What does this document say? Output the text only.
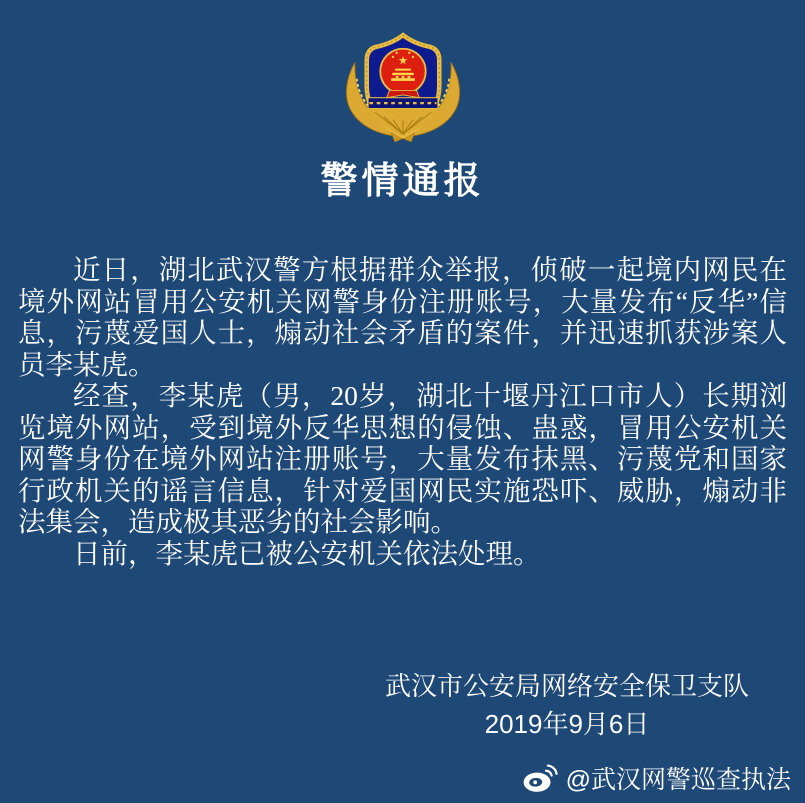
警情通报

近日，湖北武汉警方根据群众举报，侦破一起境内网民在境外网站冒用公安机关网警身份注册账号，大量发布“反华”信息，污蔑爱国人士，煽动社会矛盾的案件，并迅速抓获涉案人员李某虎。

经查，李某虎（男，20岁，湖北十堰丹江口市人）长期浏览境外网站，受到境外反华思想的侵蚀、蛊惑，冒用公安机关网警身份在境外网站注册账号，大量发布抹黑、污蔑党和国家行政机关的谣言信息，针对爱国网民实施恐吓、威胁，煽动非法集会，造成极其恶劣的社会影响。

日前，李某虎已被公安机关依法处理。

武汉市公安局网络安全保卫支队
2019年9月6日
@武汉网警巡查执法
